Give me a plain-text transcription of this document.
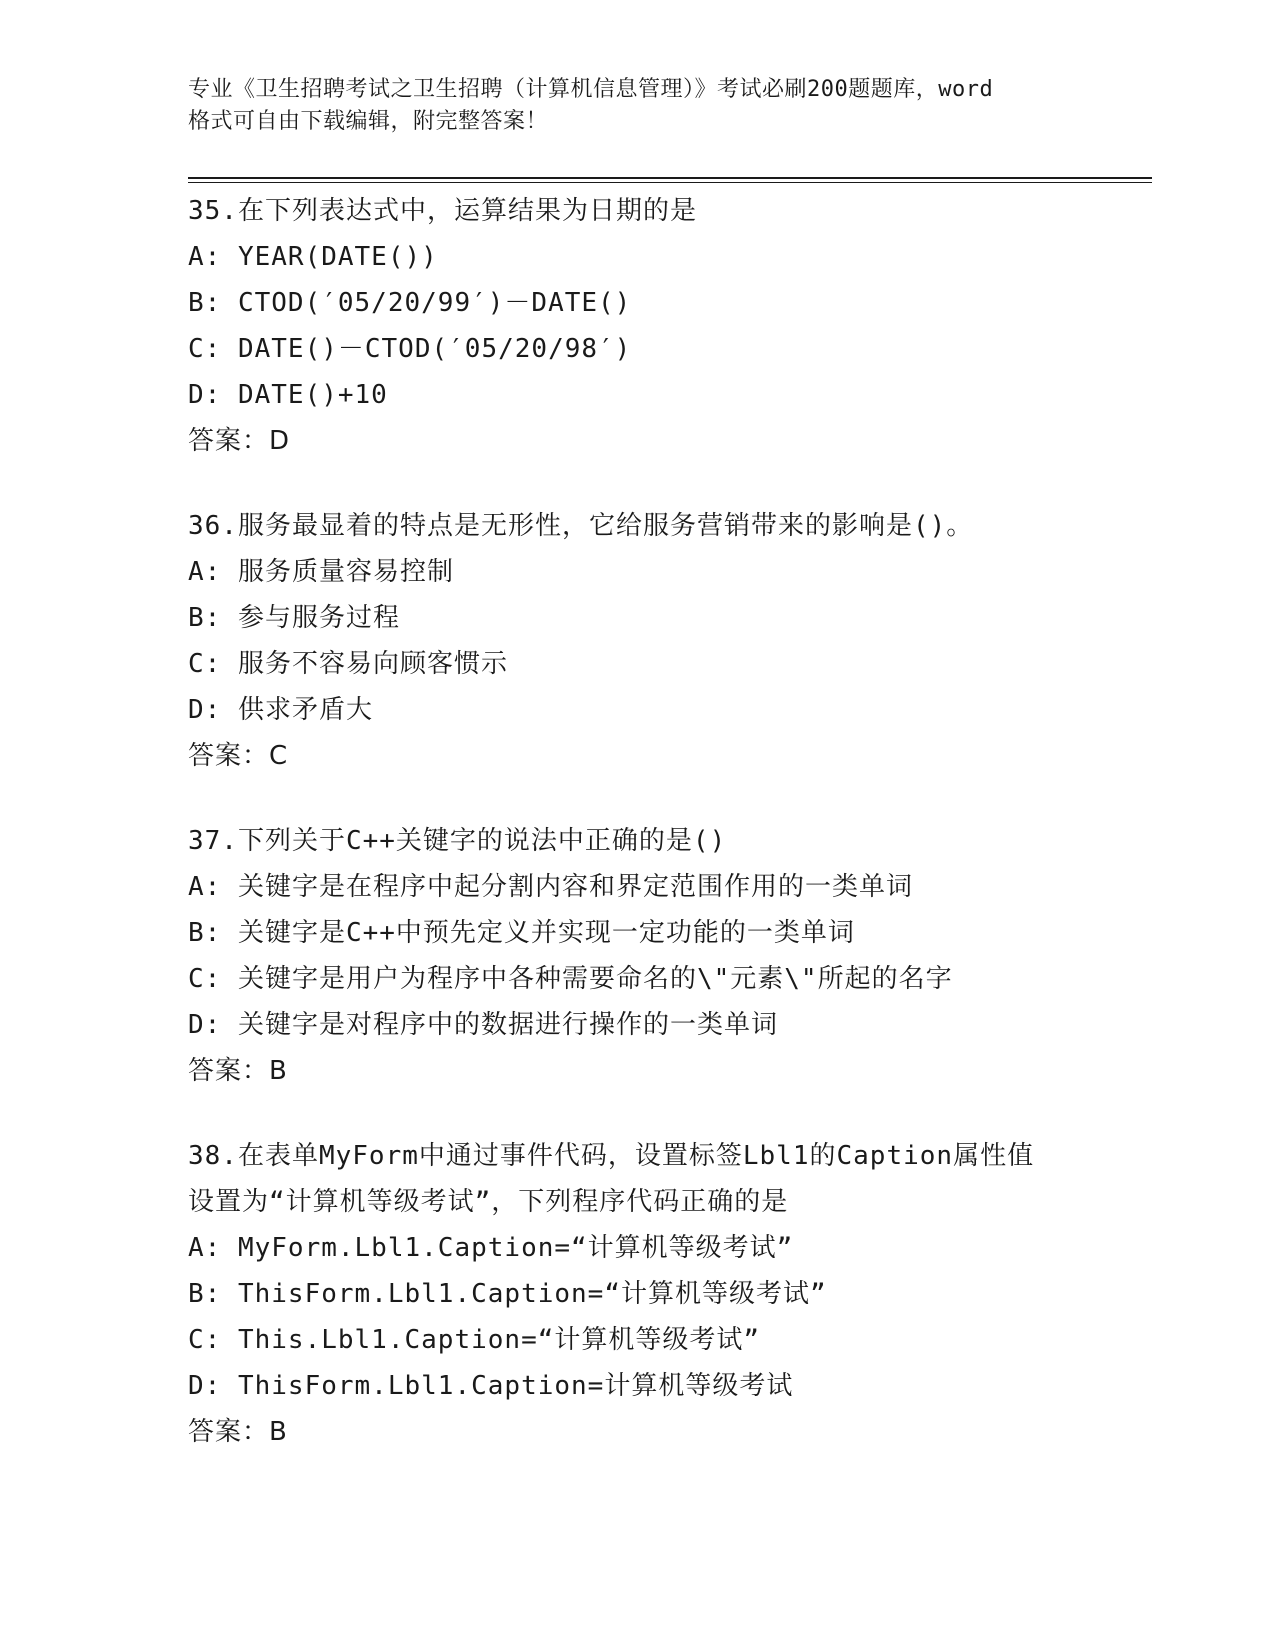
专业《卫生招聘考试之卫生招聘（计算机信息管理）》考试必刷200题题库，word
格式可自由下载编辑，附完整答案！
35.在下列表达式中，运算结果为日期的是
A: YEAR(DATE())
B: CTOD(′05/20/99′)－DATE()
C: DATE()－CTOD(′05/20/98′)
D: DATE()+10
答案：D
36.服务最显着的特点是无形性，它给服务营销带来的影响是()。
A: 服务质量容易控制
B: 参与服务过程
C: 服务不容易向顾客惯示
D: 供求矛盾大
答案：C
37.下列关于C++关键字的说法中正确的是()
A: 关键字是在程序中起分割内容和界定范围作用的一类单词
B: 关键字是C++中预先定义并实现一定功能的一类单词
C: 关键字是用户为程序中各种需要命名的\"元素\"所起的名字
D: 关键字是对程序中的数据进行操作的一类单词
答案：B
38.在表单MyForm中通过事件代码，设置标签Lbl1的Caption属性值
设置为“计算机等级考试”，下列程序代码正确的是
A: MyForm.Lbl1.Caption=“计算机等级考试”
B: ThisForm.Lbl1.Caption=“计算机等级考试”
C: This.Lbl1.Caption=“计算机等级考试”
D: ThisForm.Lbl1.Caption=计算机等级考试
答案：B
